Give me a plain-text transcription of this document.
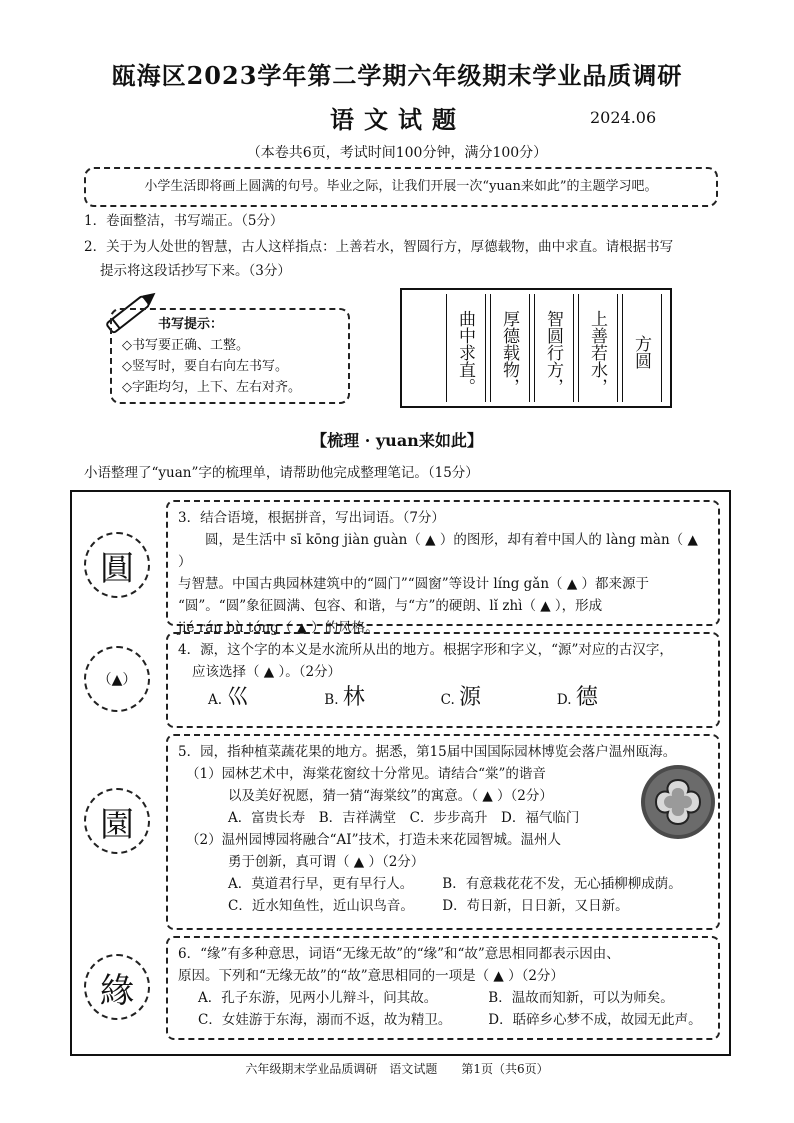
瓯海区2023学年第二学期六年级期末学业品质调研
语文试题	2024.06
（本卷共6页，考试时间100分钟，满分100分）
小学生活即将画上圆满的句号。毕业之际，让我们开展一次“yuan来如此”的主题学习吧。
1．卷面整洁，书写端正。（5分）
2．关于为人处世的智慧，古人这样指点：上善若水，智圆行方，厚德载物，曲中求直。请根据书写
提示将这段话抄写下来。（3分）
书写提示：
◇书写要正确、工整。
◇竖写时，要自右向左书写。
◇字距均匀，上下、左右对齐。
方圆
上善若水，
智圆行方，
厚德载物，
曲中求直。
【梳理 · yuan来如此】
小语整理了“yuan”字的梳理单，请帮助他完成整理笔记。（15分）
圓
（▲）
園
緣
3．结合语境，根据拼音，写出词语。（7分）
圆，是生活中 sī kōng jiàn guàn（ ▲ ）的图形，却有着中国人的 làng màn（ ▲ ）
与智慧。中国古典园林建筑中的“圆门”“圆窗”等设计 líng gǎn（ ▲ ）都来源于
“圆”。“圆”象征圆满、包容、和谐，与“方”的硬朗、lǐ zhì（ ▲ ），形成
jié rán bù tóng（ ▲ ）的风格。
4．源，这个字的本义是水流所从出的地方。根据字形和字义，“源”对应的古汉字，
应该选择（ ▲ ）。（2分）
A. 巛	B. 林	C. 源	D. 德
5．园，指种植菜蔬花果的地方。据悉，第15届中国国际园林博览会落户温州瓯海。
（1）园林艺术中，海棠花窗纹十分常见。请结合“棠”的谐音
以及美好祝愿，猜一猜“海棠纹”的寓意。（ ▲ ）（2分）
A．富贵长寿　B．吉祥满堂　C．步步高升　D．福气临门
（2）温州园博园将融合“AI”技术，打造未来花园智城。温州人
勇于创新，真可谓（ ▲ ）（2分）
A．莫道君行早，更有早行人。 B．有意栽花花不发，无心插柳柳成荫。
C．近水知鱼性，近山识鸟音。 D．苟日新，日日新，又日新。
6．“缘”有多种意思，词语“无缘无故”的“缘”和“故”意思相同都表示因由、
原因。下列和“无缘无故”的“故”意思相同的一项是（ ▲ ）（2分）
A．孔子东游，见两小儿辩斗，问其故。	B．温故而知新，可以为师矣。
C．女娃游于东海，溺而不返，故为精卫。	D．聒碎乡心梦不成，故园无此声。
六年级期末学业品质调研　语文试题　　第1页（共6页）
